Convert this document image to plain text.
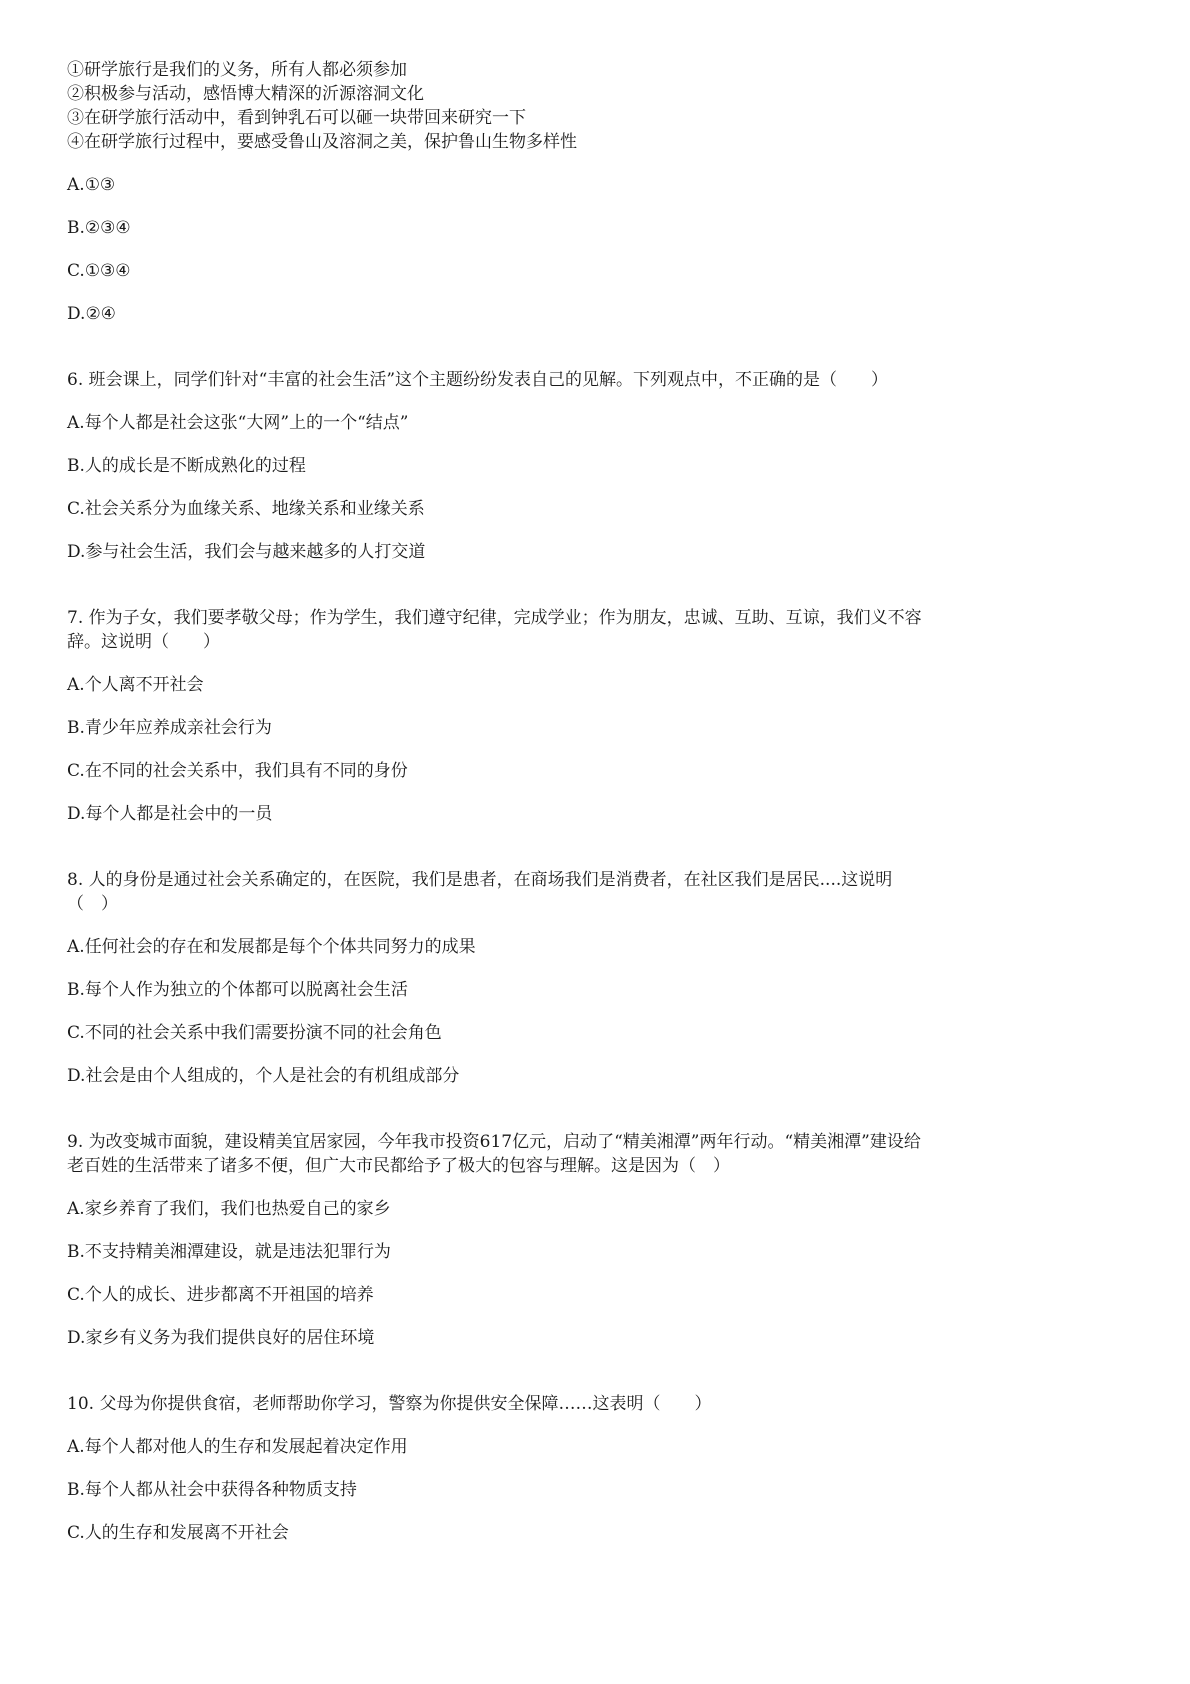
①研学旅行是我们的义务，所有人都必须参加

②积极参与活动，感悟博大精深的沂源溶洞文化

③在研学旅行活动中，看到钟乳石可以砸一块带回来研究一下

④在研学旅行过程中，要感受鲁山及溶洞之美，保护鲁山生物多样性

A.①③

B.②③④

C.①③④

D.②④

6. 班会课上，同学们针对“丰富的社会生活”这个主题纷纷发表自己的见解。下列观点中，不正确的是（　　）

A.每个人都是社会这张“大网”上的一个“结点”

B.人的成长是不断成熟化的过程

C.社会关系分为血缘关系、地缘关系和业缘关系

D.参与社会生活，我们会与越来越多的人打交道

7. 作为子女，我们要孝敬父母；作为学生，我们遵守纪律，完成学业；作为朋友，忠诚、互助、互谅，我们义不容辞。这说明（　　）

A.个人离不开社会

B.青少年应养成亲社会行为

C.在不同的社会关系中，我们具有不同的身份

D.每个人都是社会中的一员

8. 人的身份是通过社会关系确定的，在医院，我们是患者，在商场我们是消费者，在社区我们是居民....这说明（　）

A.任何社会的存在和发展都是每个个体共同努力的成果

B.每个人作为独立的个体都可以脱离社会生活

C.不同的社会关系中我们需要扮演不同的社会角色

D.社会是由个人组成的，个人是社会的有机组成部分

9. 为改变城市面貌，建设精美宜居家园，今年我市投资617亿元，启动了“精美湘潭”两年行动。“精美湘潭”建设给老百姓的生活带来了诸多不便，但广大市民都给予了极大的包容与理解。这是因为（　）

A.家乡养育了我们，我们也热爱自己的家乡

B.不支持精美湘潭建设，就是违法犯罪行为

C.个人的成长、进步都离不开祖国的培养

D.家乡有义务为我们提供良好的居住环境

10. 父母为你提供食宿，老师帮助你学习，警察为你提供安全保障……这表明（　　）

A.每个人都对他人的生存和发展起着决定作用

B.每个人都从社会中获得各种物质支持

C.人的生存和发展离不开社会
